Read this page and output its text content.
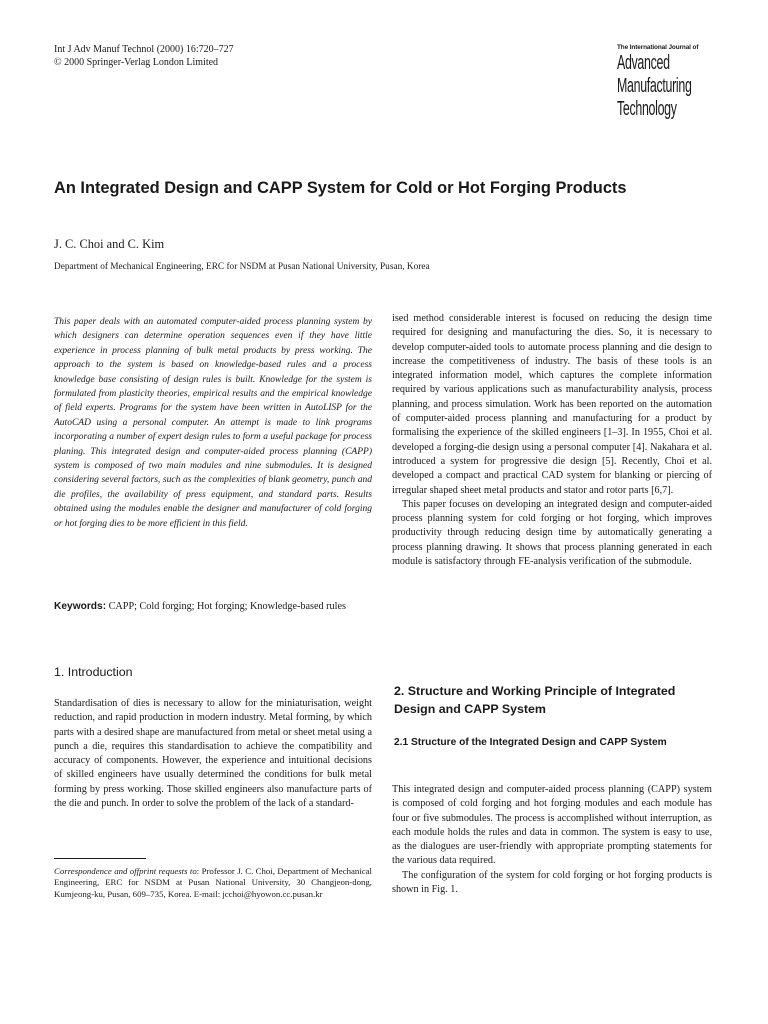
Int J Adv Manuf Technol (2000) 16:720–727
© 2000 Springer-Verlag London Limited
The International Journal of
Advanced
Manufacturing
Technology
An Integrated Design and CAPP System for Cold or Hot Forging Products
J. C. Choi and C. Kim
Department of Mechanical Engineering, ERC for NSDM at Pusan National University, Pusan, Korea
This paper deals with an automated computer-aided process planning system by which designers can determine operation sequences even if they have little experience in process planning of bulk metal products by press working. The approach to the system is based on knowledge-based rules and a process knowledge base consisting of design rules is built. Knowledge for the system is formulated from plasticity theories, empirical results and the empirical knowledge of field experts. Programs for the system have been written in AutoLISP for the AutoCAD using a personal computer. An attempt is made to link programs incorporating a number of expert design rules to form a useful package for process planing. This integrated design and computer-aided process planning (CAPP) system is composed of two main modules and nine submodules. It is designed considering several factors, such as the complexities of blank geometry, punch and die profiles, the availability of press equipment, and standard parts. Results obtained using the modules enable the designer and manufacturer of cold forging or hot forging dies to be more efficient in this field.
Keywords: CAPP; Cold forging; Hot forging; Knowledge-based rules
1. Introduction
Standardisation of dies is necessary to allow for the miniaturisation, weight reduction, and rapid production in modern industry. Metal forming, by which parts with a desired shape are manufactured from metal or sheet metal using a punch a die, requires this standardisation to achieve the compatibility and accuracy of components. However, the experience and intuitional decisions of skilled engineers have usually determined the conditions for bulk metal forming by press working. Those skilled engineers also manufacture parts of the die and punch. In order to solve the problem of the lack of a standard-
Correspondence and offprint requests to: Professor J. C. Choi, Department of Mechanical Engineering, ERC for NSDM at Pusan National University, 30 Changjeon-dong, Kumjeong-ku, Pusan, 609–735, Korea. E-mail: jcchoi@hyowon.cc.pusan.kr
ised method considerable interest is focused on reducing the design time required for designing and manufacturing the dies. So, it is necessary to develop computer-aided tools to automate process planning and die design to increase the competitiveness of industry. The basis of these tools is an integrated information model, which captures the complete information required by various applications such as manufacturability analysis, process planning, and process simulation. Work has been reported on the automation of computer-aided process planning and manufacturing for a product by formalising the experience of the skilled engineers [1–3]. In 1955, Choi et al. developed a forging-die design using a personal computer [4]. Nakahara et al. introduced a system for progressive die design [5]. Recently, Choi et al. developed a compact and practical CAD system for blanking or piercing of irregular shaped sheet metal products and stator and rotor parts [6,7].
This paper focuses on developing an integrated design and computer-aided process planning system for cold forging or hot forging, which improves productivity through reducing design time by automatically generating a process planning drawing. It shows that process planning generated in each module is satisfactory through FE-analysis verification of the submodule.
2. Structure and Working Principle of Integrated Design and CAPP System
2.1 Structure of the Integrated Design and CAPP System
This integrated design and computer-aided process planning (CAPP) system is composed of cold forging and hot forging modules and each module has four or five submodules. The process is accomplished without interruption, as each module holds the rules and data in common. The system is easy to use, as the dialogues are user-friendly with appropriate prompting statements for the various data required.
The configuration of the system for cold forging or hot forging products is shown in Fig. 1.
